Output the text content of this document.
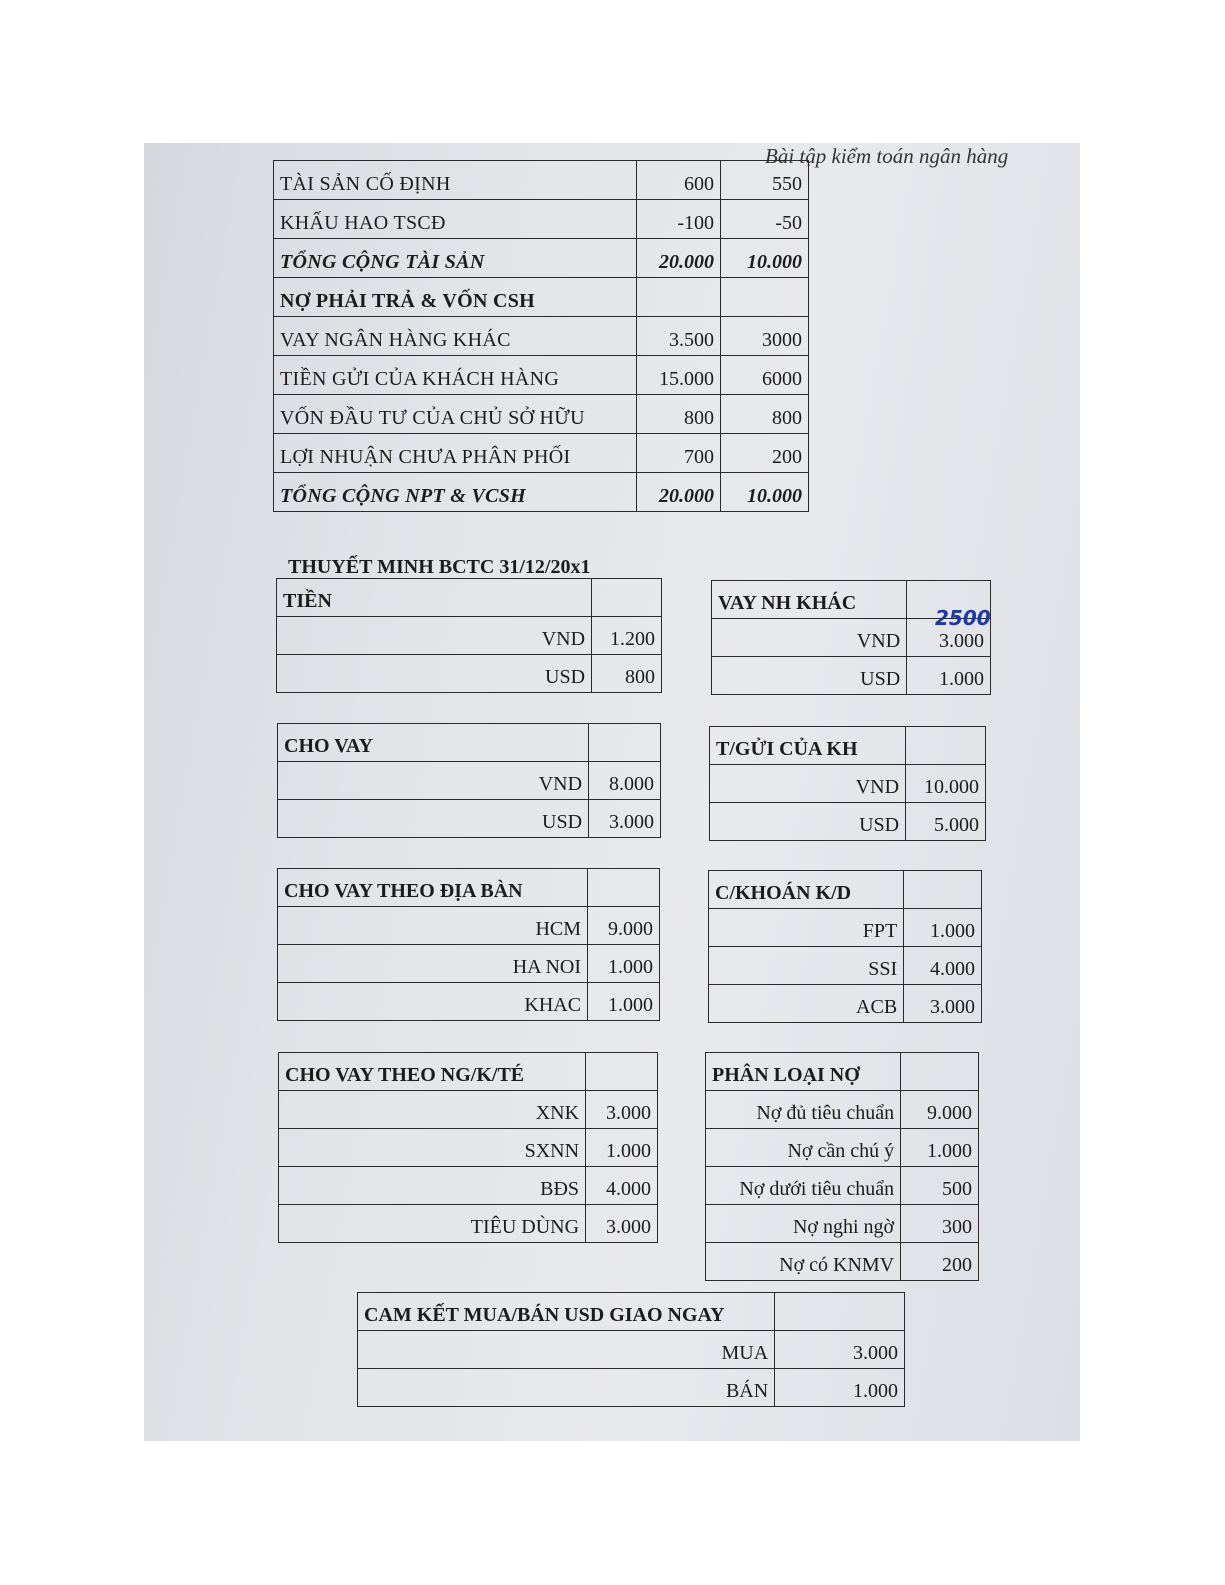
Bài tập kiểm toán ngân hàng
TÀI SẢN CỐ ĐỊNH	600	550
KHẤU HAO TSCĐ	-100	-50
TỔNG CỘNG TÀI SẢN	20.000	10.000
NỢ PHẢI TRẢ & VỐN CSH		
VAY NGÂN HÀNG KHÁC	3.500	3000
TIỀN GỬI CỦA KHÁCH HÀNG	15.000	6000
VỐN ĐẦU TƯ CỦA CHỦ SỞ HỮU	800	800
LỢI NHUẬN CHƯA PHÂN PHỐI	700	200
TỔNG CỘNG NPT & VCSH	20.000	10.000
THUYẾT MINH BCTC 31/12/20x1
TIỀN	
VND	1.200
USD	800
VAY NH KHÁC	
VND	3.000
USD	1.000
2500
CHO VAY	
VND	8.000
USD	3.000
T/GỬI CỦA KH	
VND	10.000
USD	5.000
CHO VAY THEO ĐỊA BÀN	
HCM	9.000
HA NOI	1.000
KHAC	1.000
C/KHOÁN K/D	
FPT	1.000
SSI	4.000
ACB	3.000
CHO VAY THEO NG/K/TÉ	
XNK	3.000
SXNN	1.000
BĐS	4.000
TIÊU DÙNG	3.000
PHÂN LOẠI NỢ	
Nợ đủ tiêu chuẩn	9.000
Nợ cần chú ý	1.000
Nợ dưới tiêu chuẩn	500
Nợ nghi ngờ	300
Nợ có KNMV	200
CAM KẾT MUA/BÁN USD GIAO NGAY	
MUA	3.000
BÁN	1.000
